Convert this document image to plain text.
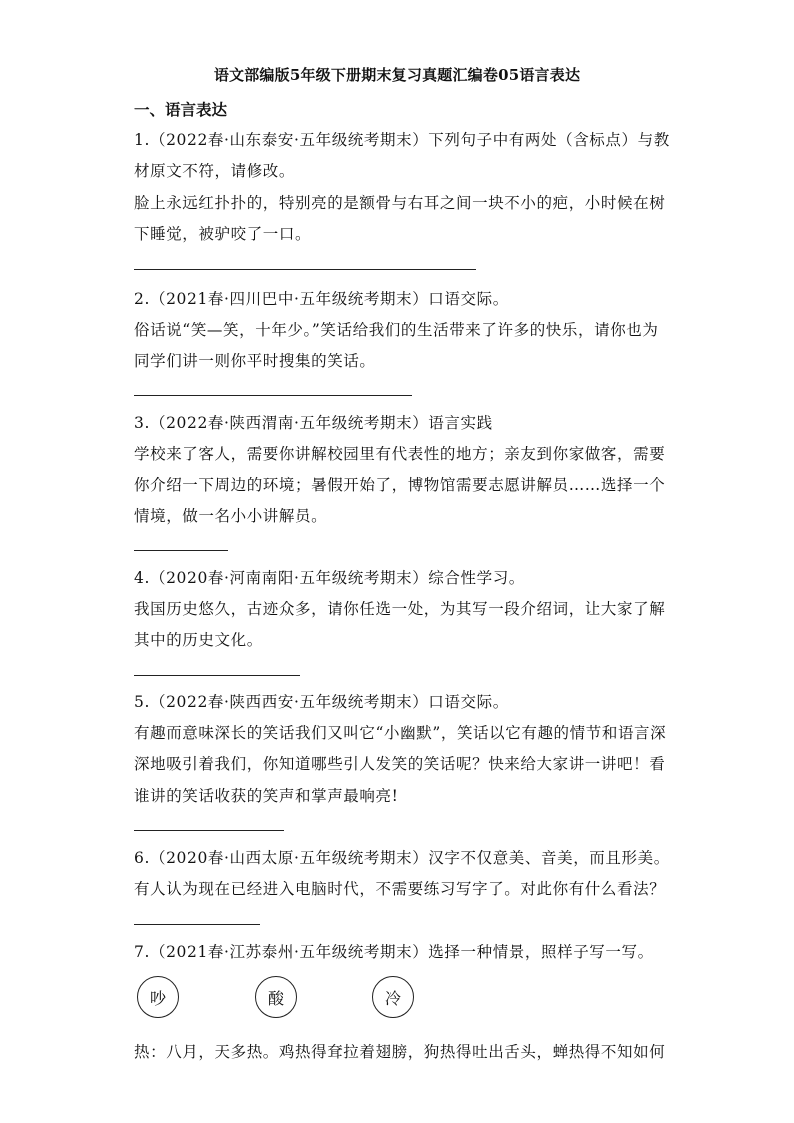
语文部编版5年级下册期末复习真题汇编卷05语言表达
一、语言表达
1.（2022春·山东泰安·五年级统考期末）下列句子中有两处（含标点）与教
材原文不符，请修改。
脸上永远红扑扑的，特别亮的是额骨与右耳之间一块不小的疤，小时候在树
下睡觉，被驴咬了一口。
2.（2021春·四川巴中·五年级统考期末）口语交际。
俗话说“笑—笑，十年少。”笑话给我们的生活带来了许多的快乐，请你也为
同学们讲一则你平时搜集的笑话。
3.（2022春·陕西渭南·五年级统考期末）语言实践
学校来了客人，需要你讲解校园里有代表性的地方；亲友到你家做客，需要
你介绍一下周边的环境；暑假开始了，博物馆需要志愿讲解员……选择一个
情境，做一名小小讲解员。
4.（2020春·河南南阳·五年级统考期末）综合性学习。
我国历史悠久，古迹众多，请你任选一处，为其写一段介绍词，让大家了解
其中的历史文化。
5.（2022春·陕西西安·五年级统考期末）口语交际。
有趣而意味深长的笑话我们又叫它“小幽默”，笑话以它有趣的情节和语言深
深地吸引着我们，你知道哪些引人发笑的笑话呢？快来给大家讲一讲吧！看
谁讲的笑话收获的笑声和掌声最响亮!
6.（2020春·山西太原·五年级统考期末）汉字不仅意美、音美，而且形美。
有人认为现在已经进入电脑时代，不需要练习写字了。对此你有什么看法？
7.（2021春·江苏泰州·五年级统考期末）选择一种情景，照样子写一写。
吵	酸	冷
热：八月，天多热。鸡热得耷拉着翅膀，狗热得吐出舌头，蝉热得不知如何
